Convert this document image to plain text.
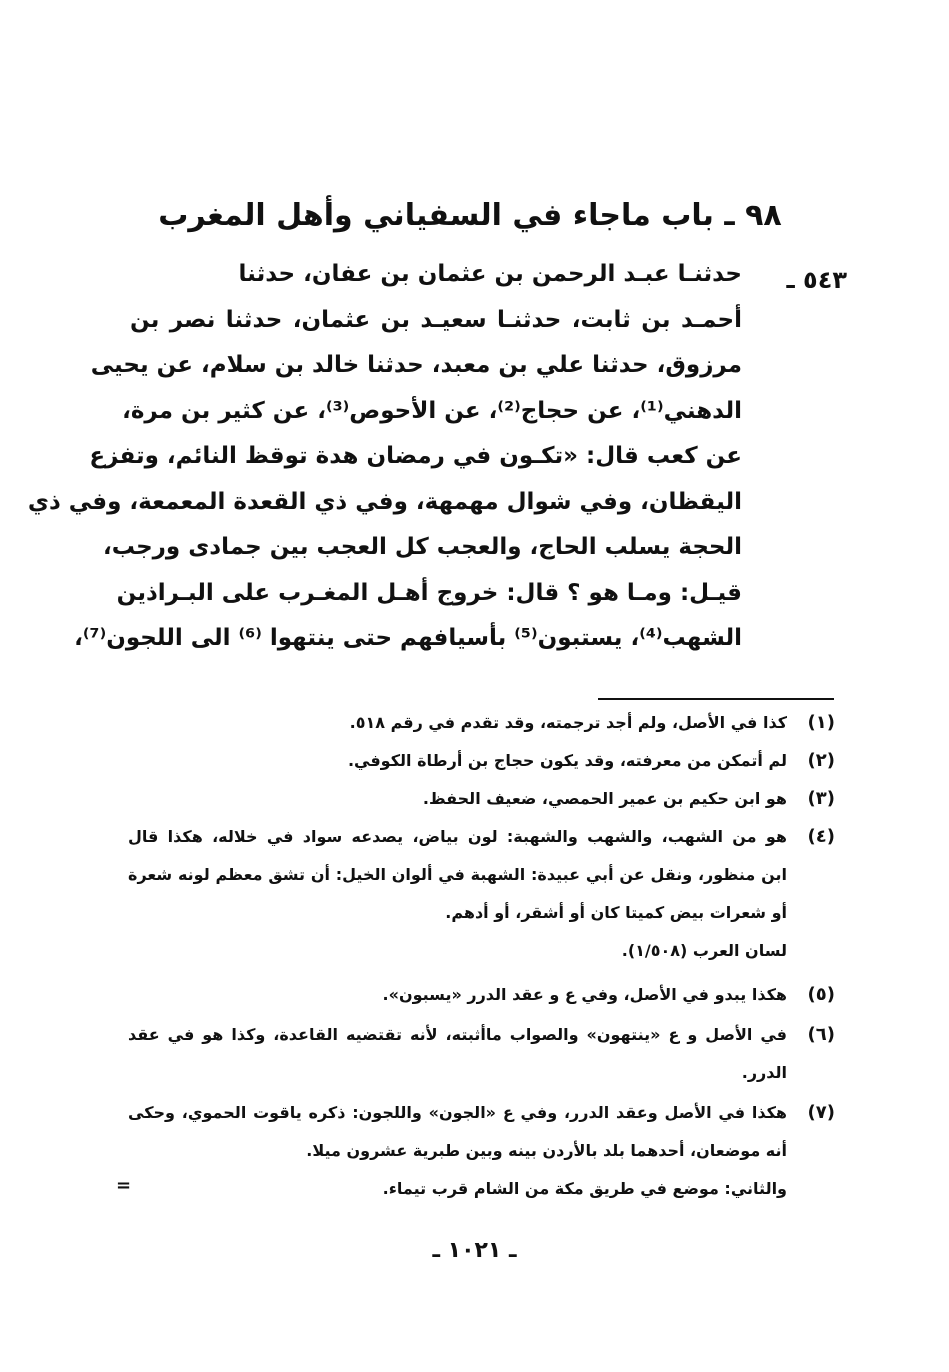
٩٨ ـ باب ماجاء في السفياني وأهل المغرب
٥٤٣ ـ
حدثنـا عبـد الرحمن بن عثمان بن عفان، حدثنا
أحمـد بن ثابت، حدثنـا سعيـد بن عثمان، حدثنا نصر بن
مرزوق، حدثنا علي بن معبد، حدثنا خالد بن سلام، عن يحيى
الدهني⁽¹⁾، عن حجاج⁽²⁾، عن الأحوص⁽³⁾، عن كثير بن مرة،
عن كعب قال: «تكـون في رمضان هدة توقظ النائم، وتفزع
اليقظان، وفي شوال مهمهة، وفي ذي القعدة المعمعة، وفي ذي
الحجة يسلب الحاج، والعجب كل العجب بين جمادى ورجب،
قيـل: ومـا هو ؟ قال: خروج أهـل المغـرب على البـراذين
الشهب⁽⁴⁾، يستبون⁽⁵⁾ بأسيافهم حتى ينتهوا ⁽⁶⁾ الى اللجون⁽⁷⁾،
(١)
كذا في الأصل، ولم أجد ترجمته، وقد تقدم في رقم ٥١٨.
(٢)
لم أتمكن من معرفته، وقد يكون حجاج بن أرطاة الكوفي.
(٣)
هو ابن حكيم بن عمير الحمصي، ضعيف الحفظ.
(٤)
هو من الشهب، والشهب والشهبة: لون بياض، يصدعه سواد في خلاله، هكذا قال
ابن منظور، ونقل عن أبي عبيدة: الشهبة في ألوان الخيل: أن تشق معظم لونه شعرة
أو شعرات بيض كميتا كان أو أشقر، أو أدهم.
لسان العرب (١/٥٠٨).
(٥)
هكذا يبدو في الأصل، وفي ع و عقد الدرر «يسبون».
(٦)
في الأصل و ع «ينتهون» والصواب ماأثبته، لأنه تقتضيه القاعدة، وكذا هو في عقد
الدرر.
(٧)
هكذا في الأصل وعقد الدرر، وفي ع «الجون» واللجون: ذكره ياقوت الحموي، وحكى
أنه موضعان، أحدهما بلد بالأردن بينه وبين طبرية عشرون ميلا.
والثاني: موضع في طريق مكة من الشام قرب تيماء.
=
ـ ١٠٢١ ـ
